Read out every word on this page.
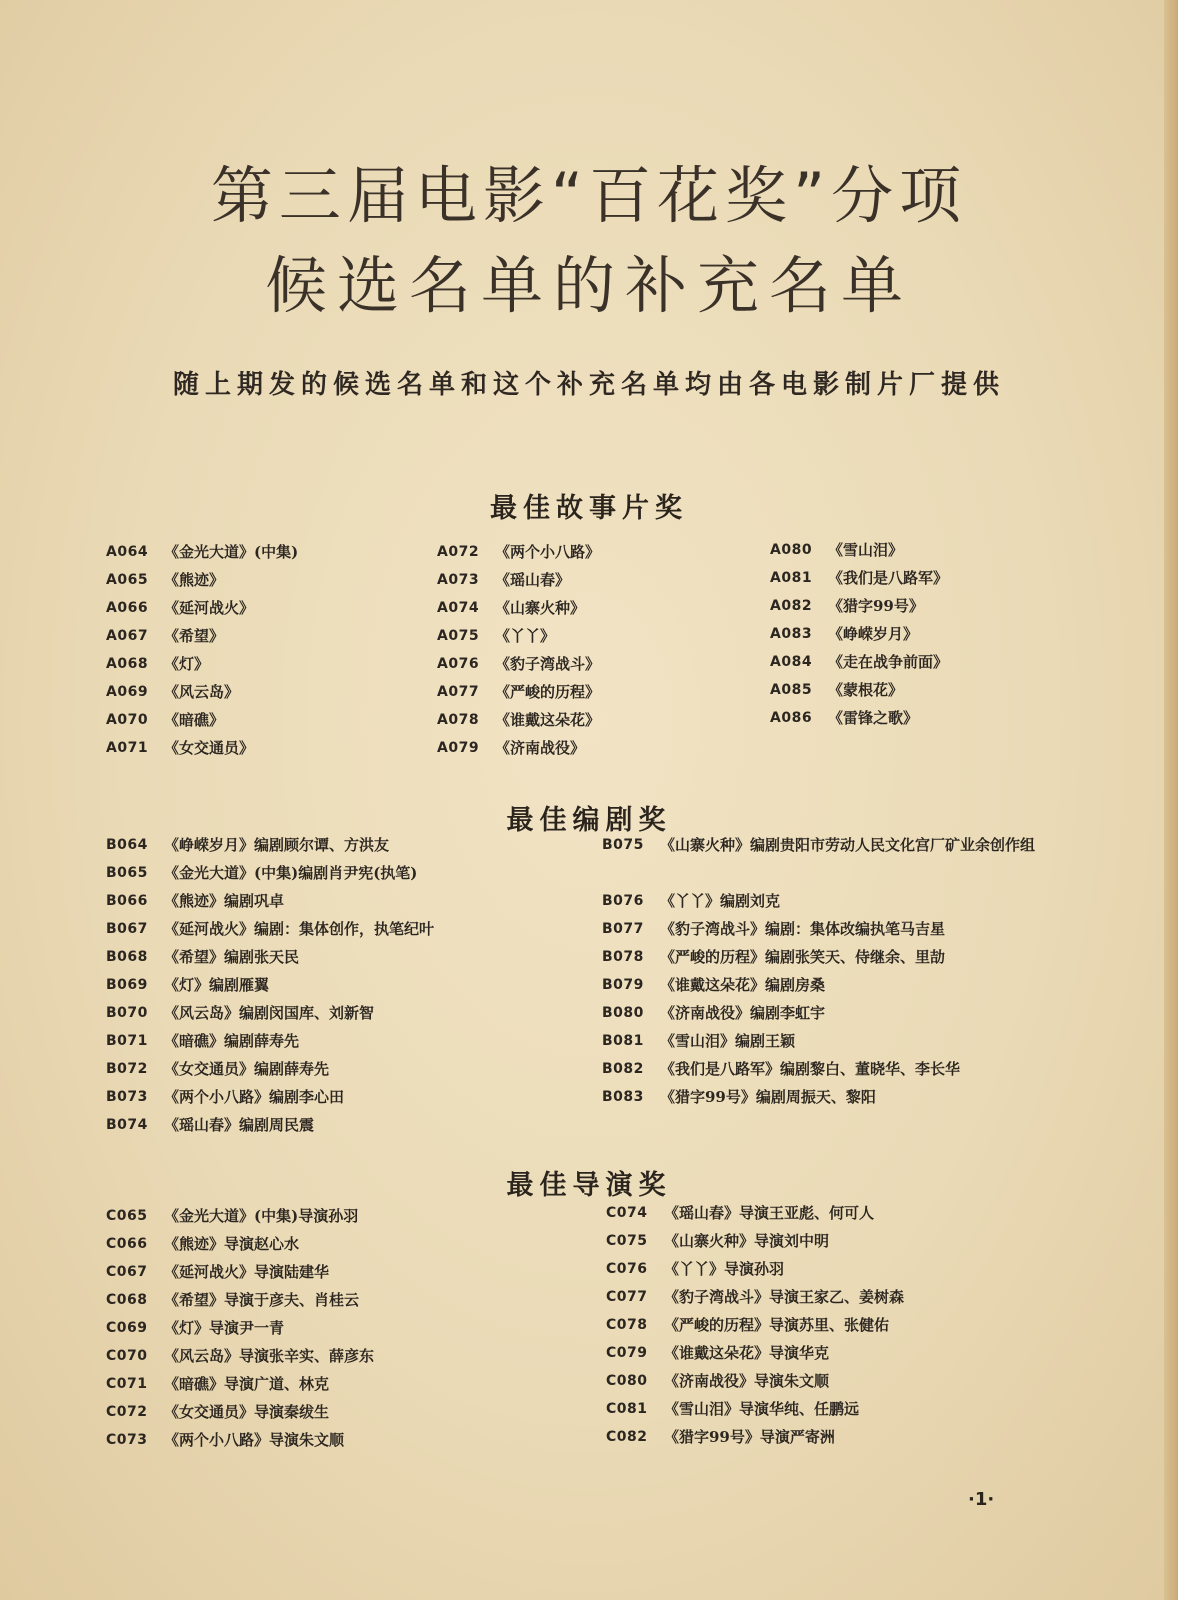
第三届电影“百花奖”分项
候选名单的补充名单
随上期发的候选名单和这个补充名单均由各电影制片厂提供
最佳故事片奖
A064	《金光大道》(中集)
A065	《熊迹》
A066	《延河战火》
A067	《希望》
A068	《灯》
A069	《风云岛》
A070	《暗礁》
A071	《女交通员》
A072	《两个小八路》
A073	《瑶山春》
A074	《山寨火种》
A075	《丫丫》
A076	《豹子湾战斗》
A077	《严峻的历程》
A078	《谁戴这朵花》
A079	《济南战役》
A080	《雪山泪》
A081	《我们是八路军》
A082	《猎字99号》
A083	《峥嵘岁月》
A084	《走在战争前面》
A085	《蒙根花》
A086	《雷锋之歌》
最佳编剧奖
B064	《峥嵘岁月》编剧顾尔谭、方洪友
B065	《金光大道》(中集)编剧肖尹宪(执笔)
B066	《熊迹》编剧巩卓
B067	《延河战火》编剧：集体创作，执笔纪叶
B068	《希望》编剧张天民
B069	《灯》编剧雁翼
B070	《风云岛》编剧闵国库、刘新智
B071	《暗礁》编剧薛寿先
B072	《女交通员》编剧薛寿先
B073	《两个小八路》编剧李心田
B074	《瑶山春》编剧周民震
B075	《山寨火种》编剧贵阳市劳动人民文化宫厂矿业余创作组
B076	《丫丫》编剧刘克
B077	《豹子湾战斗》编剧：集体改编执笔马吉星
B078	《严峻的历程》编剧张笑天、侍继余、里劼
B079	《谁戴这朵花》编剧房桑
B080	《济南战役》编剧李虹宇
B081	《雪山泪》编剧王颖
B082	《我们是八路军》编剧黎白、董晓华、李长华
B083	《猎字99号》编剧周振天、黎阳
最佳导演奖
C065	《金光大道》(中集)导演孙羽
C066	《熊迹》导演赵心水
C067	《延河战火》导演陆建华
C068	《希望》导演于彦夫、肖桂云
C069	《灯》导演尹一青
C070	《风云岛》导演张辛实、薛彦东
C071	《暗礁》导演广道、林克
C072	《女交通员》导演秦绂生
C073	《两个小八路》导演朱文顺
C074	《瑶山春》导演王亚彪、何可人
C075	《山寨火种》导演刘中明
C076	《丫丫》导演孙羽
C077	《豹子湾战斗》导演王家乙、姜树森
C078	《严峻的历程》导演苏里、张健佑
C079	《谁戴这朵花》导演华克
C080	《济南战役》导演朱文顺
C081	《雪山泪》导演华纯、任鹏远
C082	《猎字99号》导演严寄洲
·1·
